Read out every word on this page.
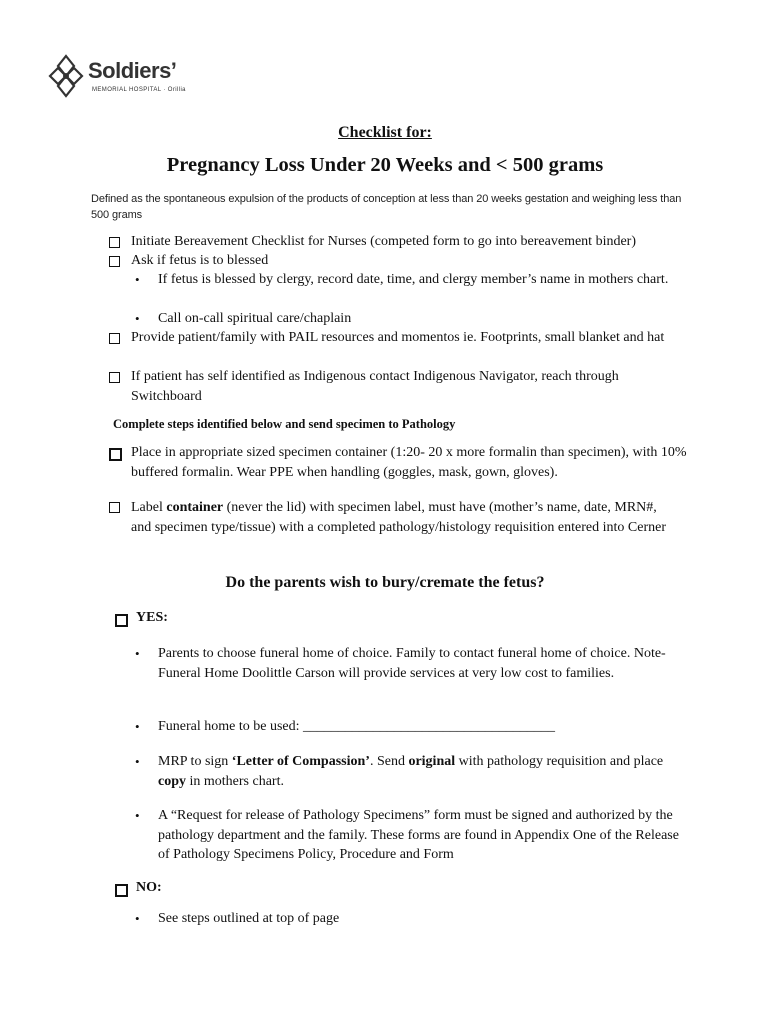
Soldiers’
MEMORIAL HOSPITAL · Orillia
Checklist for:
Pregnancy Loss Under 20 Weeks and < 500 grams
Defined as the spontaneous expulsion of the products of conception at less than 20 weeks gestation and weighing less than 500 grams
Initiate Bereavement Checklist for Nurses (competed form to go into bereavement binder)
Ask if fetus is to blessed
• If fetus is blessed by clergy, record date, time, and clergy member’s name in mothers chart.
• Call on-call spiritual care/chaplain
Provide patient/family with PAIL resources and momentos ie. Footprints, small blanket and hat
If patient has self identified as Indigenous contact Indigenous Navigator, reach through Switchboard
Complete steps identified below and send specimen to Pathology
Place in appropriate sized specimen container (1:20- 20 x more formalin than specimen), with 10% buffered formalin. Wear PPE when handling (goggles, mask, gown, gloves).
Label container (never the lid) with specimen label, must have (mother’s name, date, MRN#, and specimen type/tissue) with a completed pathology/histology requisition entered into Cerner
Do the parents wish to bury/cremate the fetus?
YES:
• Parents to choose funeral home of choice. Family to contact funeral home of choice. Note- Funeral Home Doolittle Carson will provide services at very low cost to families.
• Funeral home to be used: ____________________________________
• MRP to sign ‘Letter of Compassion’. Send original with pathology requisition and place copy in mothers chart.
• A “Request for release of Pathology Specimens” form must be signed and authorized by the pathology department and the family. These forms are found in Appendix One of the Release of Pathology Specimens Policy, Procedure and Form
NO:
• See steps outlined at top of page
